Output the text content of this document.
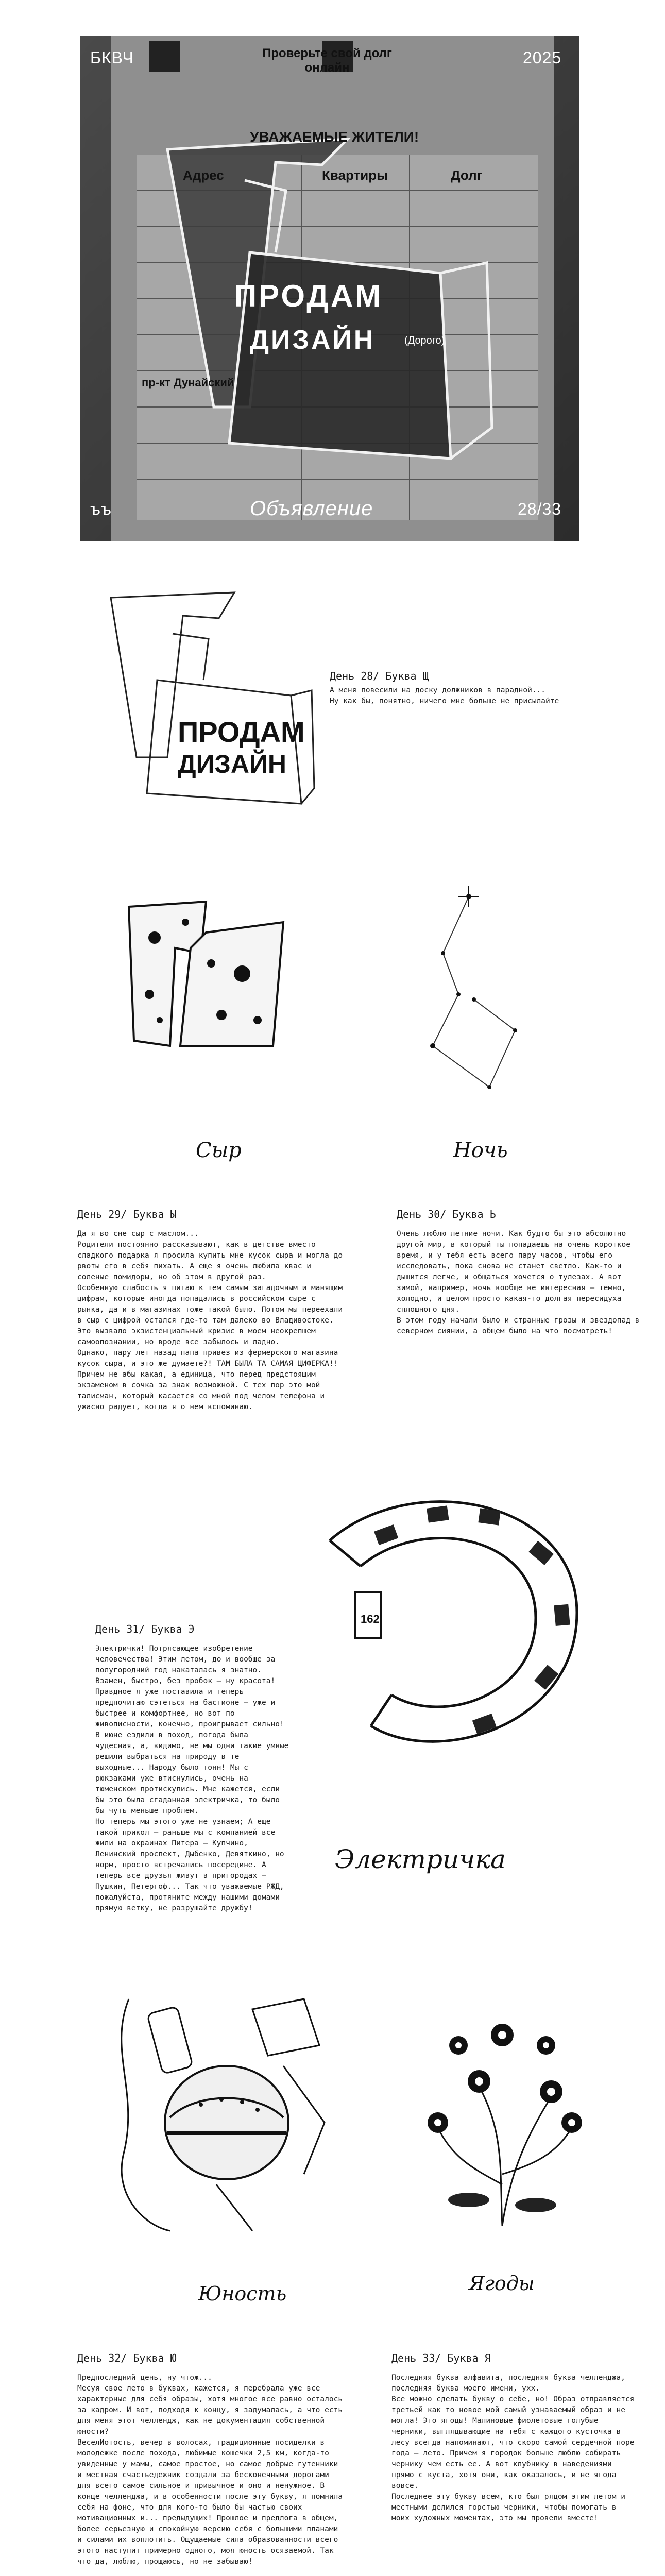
БКВЧ	2025
ъъ	Объявление	28/33
ПРОДАМ
ДИЗАЙН	(Дорого)
УВАЖАЕМЫЕ ЖИТЕЛИ!
Проверьте свой долг онлайн
Адрес	Квартиры	Долг
пр-кт Дунайский
ПРОДАМ
ДИЗАЙН
День 28/ Буква Щ
А меня повесили на доску должников в парадной...
Ну как бы, понятно, ничего мне больше не присылайте
Сыр	Ночь
День 29/ Буква Ы
Да я во сне сыр с маслом...
Родители постоянно рассказывают, как в детстве вместо сладкого подарка я просила купить мне кусок сыра и могла до рвоты его в себя пихать. А еще я очень любила квас и соленые помидоры, но об этом в другой раз.
Особенную слабость я питаю к тем самым загадочным и манящим цифрам, которые иногда попадались в российском сыре с рынка, да и в магазинах тоже такой было. Потом мы переехали в сыр с цифрой остался где-то там далеко во Владивостоке. Это вызвало экзистенциальный кризис в моем неокрепшем самоопознании, но вроде все забылось и ладно.
Однако, пару лет назад папа привез из фермерского магазина кусок сыра, и это же думаете?! ТАМ БЫЛА ТА САМАЯ ЦИФЕРКА!!
Причем не абы какая, а единица, что перед предстоящим экзаменом в сочка за знак возможной. С тех пор это мой талисман, который касается со мной под челом телефона и ужасно радует, когда я о нем вспоминаю.
День 30/ Буква Ь
Очень люблю летние ночи. Как будто бы это абсолютно другой мир, в который ты попадаешь на очень короткое время, и у тебя есть всего пару часов, чтобы его исследовать, пока снова не станет светло. Как-то и дышится легче, и общаться хочется о тулезах. А вот зимой, например, ночь вообще не интересная — темно, холодно, и целом просто какая-то долгая пересидуха сплошного дня.
В этом году начали было и странные грозы и звездопад в северном сиянии, а общем было на что посмотреть!
162
Электричка
День 31/ Буква Э
Электрички! Потрясающее изобретение человечества! Этим летом, до и вообще за полугородний год накаталась я знатно. Взамен, быстро, без пробок — ну красота!
Правдное я уже поставила и теперь предпочитаю сэтеться на бастионе — уже и быстрее и комфортнее, но вот по живописности, конечно, проигрывает сильно!
В июне ездили в поход, погода была чудесная, а, видимо, не мы одни такие умные решили выбраться на природу в те выходные... Народу было тонн! Мы с рюкзаками уже втиснулись, очень на тюменском протискулись. Мне кажется, если бы это была сгаданная электричка, то было бы чуть меньше проблем.
Но теперь мы этого уже не узнаем; А еще такой прикол — раньше мы с компанией все жили на окраинах Питера — Купчино, Ленинский проспект, Дыбенко, Девяткино, но норм, просто встречались посередине. А теперь все друзья живут в пригородах — Пушкин, Петергоф... Так что уважаемые РЖД, пожалуйста, протяните между нашими домами прямую ветку, не разрушайте дружбу!
Юность	Ягоды
День 32/ Буква Ю
Предпоследний день, ну чтож...
Месуя свое лето в буквах, кажется, я перебрала уже все характерные для себя образы, хотя многое все равно осталось за кадром. И вот, подходя к концу, я задумалась, а что есть для меня этот челлендж, как не документация собственной юности?
ВеселИотость, вечер в волосах, традиционные посиделки в молодежке после похода, любимые кошечки 2,5 км, когда-то увиденные у мамы, самое простое, но самое добрые гутенники и местная счастьедежник создали за бесконечными дорогами для всего самое сильное и привычное и оно и ненужное. В конце челленджа, и в особенности после эту букву, я помнила себя на фоне, что для кого-то было бы частью своих мотивационных и... предыдущих! Прошлое и предлога в общем, более серьезную и спокойную версию себя с большими планами и силами их воплотить. Ощущаемые сила образованности всего этого наступит примерно одного, моя юность осязаемой. Так что да, люблю, прощаюсь, но не забываю!
День 33/ Буква Я
Последняя буква алфавита, последняя буква челленджа, последняя буква моего имени, ухх.
Все можно сделать букву о себе, но! Образ отправляется третьей как то новое мой самый узнаваемый образ и не могла! Это ягоды! Малиновые фиолетовые голубые черники, выглядывающие на тебя с каждого кусточка в лесу всегда напоминают, что скоро самой сердечной поре года — лето. Причем я городок больше люблю собирать чернику чем есть ее. А вот клубнику в наведениями прямо с куста, хотя они, как оказалось, и не ягода вовсе.
Последнее эту букву всем, кто был рядом этим летом и местными делился горстью черники, чтобы помогать в моих художных моментах, это мы провели вместе!
